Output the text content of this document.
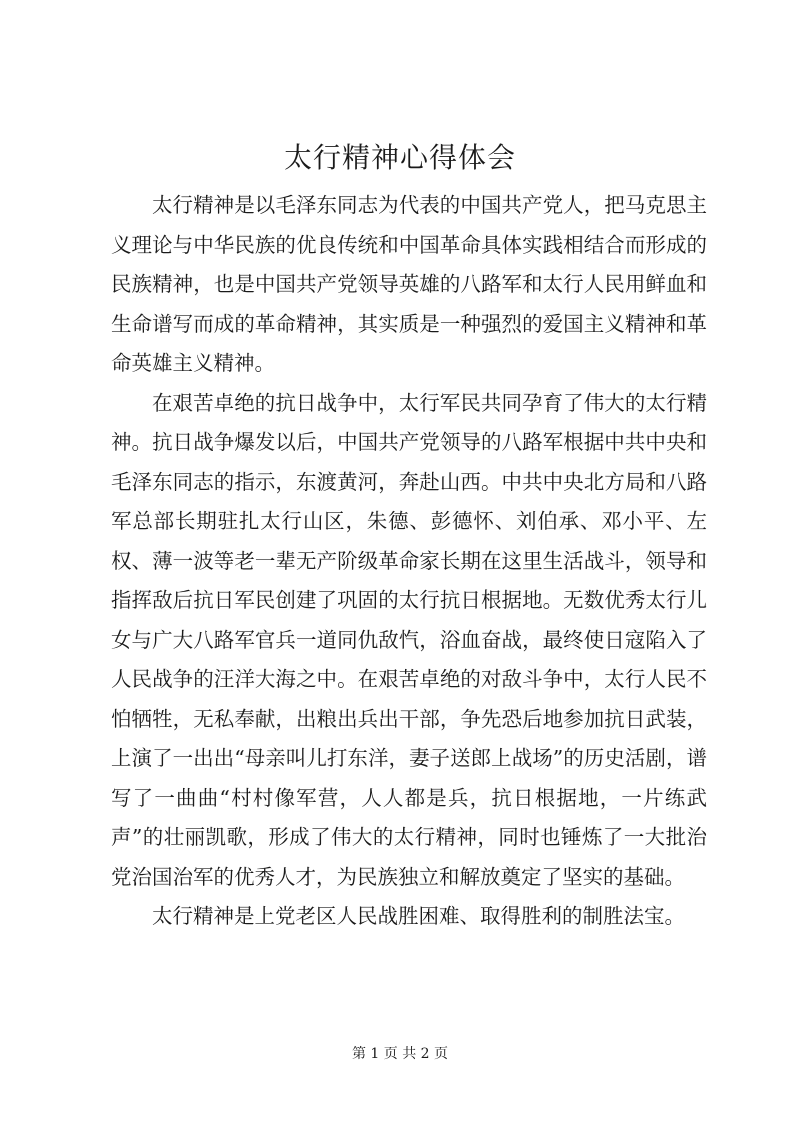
太行精神心得体会

太行精神是以毛泽东同志为代表的中国共产党人，把马克思主义理论与中华民族的优良传统和中国革命具体实践相结合而形成的民族精神，也是中国共产党领导英雄的八路军和太行人民用鲜血和生命谱写而成的革命精神，其实质是一种强烈的爱国主义精神和革命英雄主义精神。

在艰苦卓绝的抗日战争中，太行军民共同孕育了伟大的太行精神。抗日战争爆发以后，中国共产党领导的八路军根据中共中央和毛泽东同志的指示，东渡黄河，奔赴山西。中共中央北方局和八路军总部长期驻扎太行山区，朱德、彭德怀、刘伯承、邓小平、左权、薄一波等老一辈无产阶级革命家长期在这里生活战斗，领导和指挥敌后抗日军民创建了巩固的太行抗日根据地。无数优秀太行儿女与广大八路军官兵一道同仇敌忾，浴血奋战，最终使日寇陷入了人民战争的汪洋大海之中。在艰苦卓绝的对敌斗争中，太行人民不怕牺牲，无私奉献，出粮出兵出干部，争先恐后地参加抗日武装，上演了一出出“母亲叫儿打东洋，妻子送郎上战场”的历史活剧，谱写了一曲曲“村村像军营，人人都是兵，抗日根据地，一片练武声”的壮丽凯歌，形成了伟大的太行精神，同时也锤炼了一大批治党治国治军的优秀人才，为民族独立和解放奠定了坚实的基础。

太行精神是上党老区人民战胜困难、取得胜利的制胜法宝。

第 1 页 共 2 页
